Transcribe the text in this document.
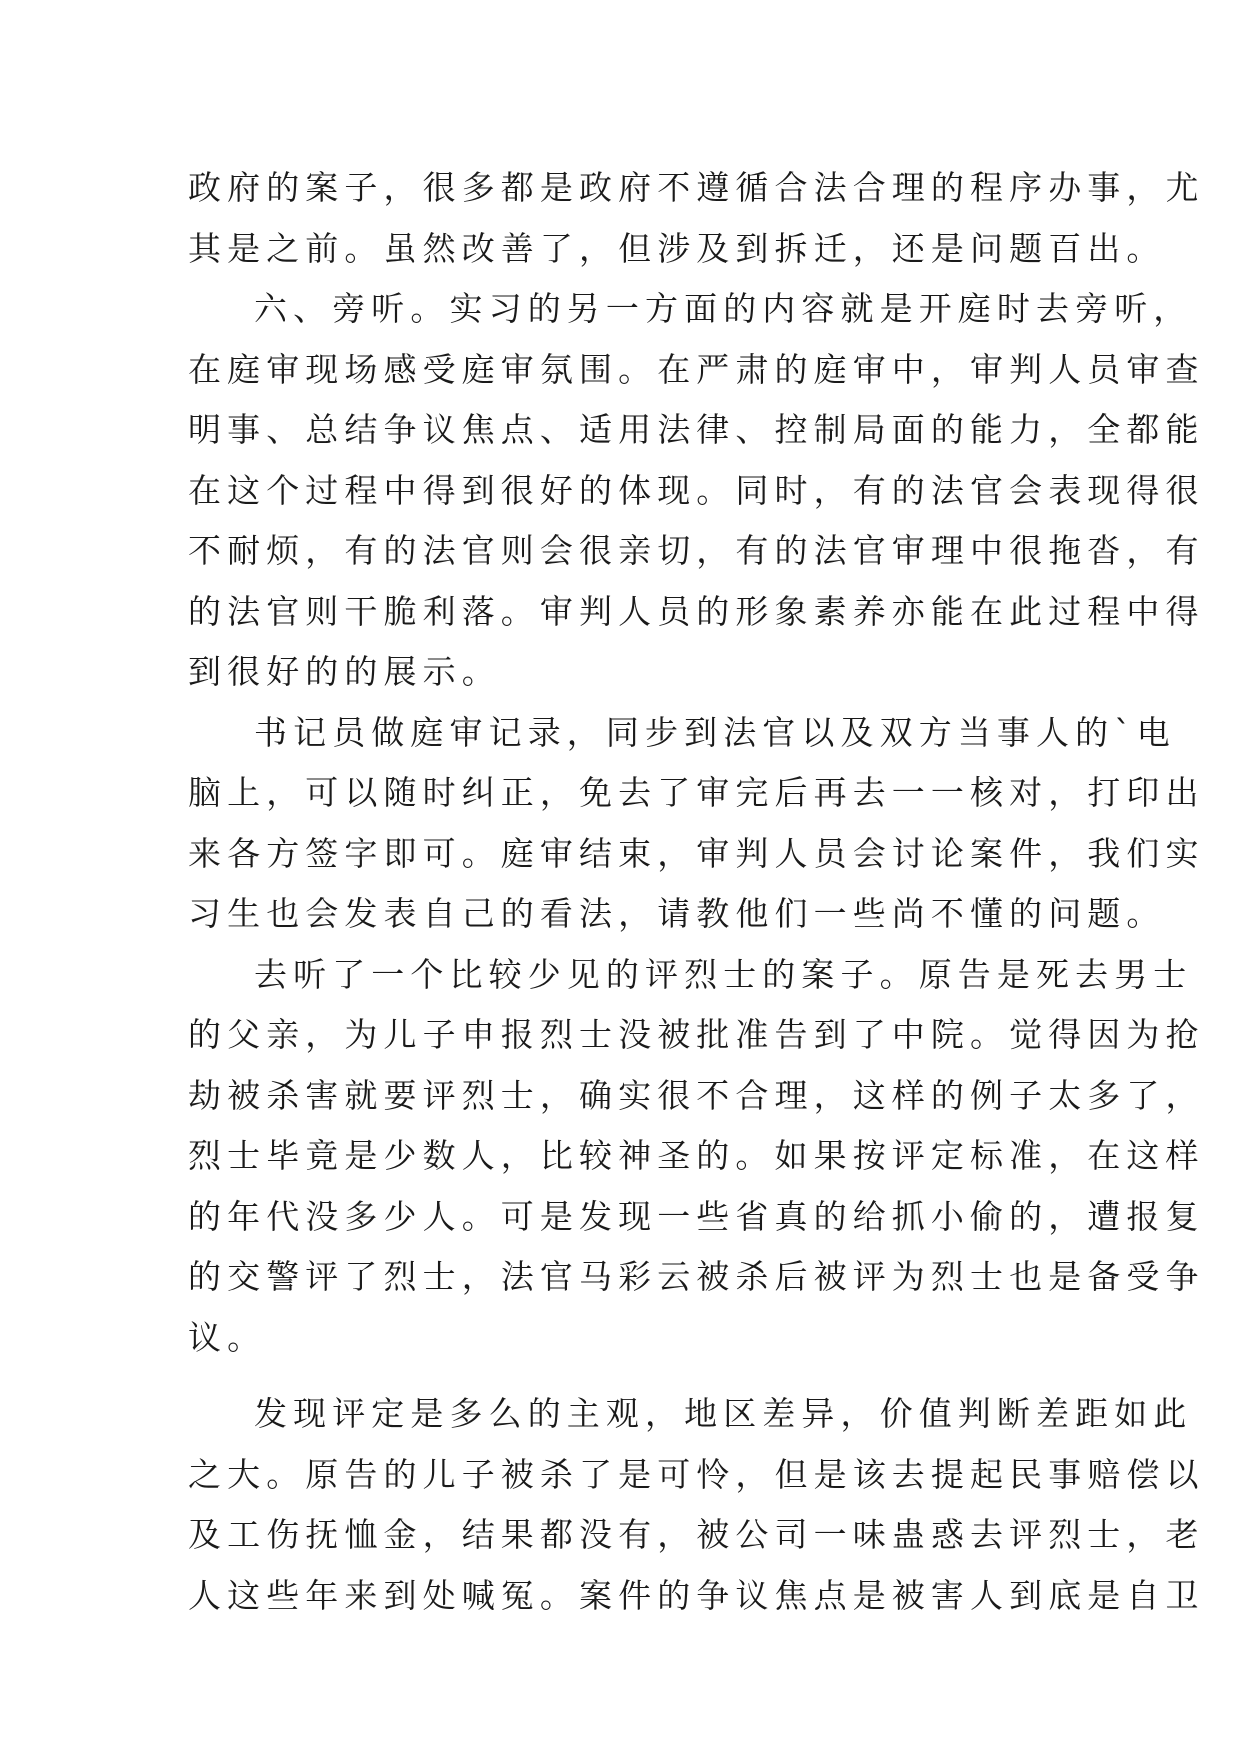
政府的案子，很多都是政府不遵循合法合理的程序办事，尤
其是之前。虽然改善了，但涉及到拆迁，还是问题百出。
六、旁听。实习的另一方面的内容就是开庭时去旁听，
在庭审现场感受庭审氛围。在严肃的庭审中，审判人员审查
明事、总结争议焦点、适用法律、控制局面的能力，全都能
在这个过程中得到很好的体现。同时，有的法官会表现得很
不耐烦，有的法官则会很亲切，有的法官审理中很拖沓，有
的法官则干脆利落。审判人员的形象素养亦能在此过程中得
到很好的的展示。
书记员做庭审记录，同步到法官以及双方当事人的`电
脑上，可以随时纠正，免去了审完后再去一一核对，打印出
来各方签字即可。庭审结束，审判人员会讨论案件，我们实
习生也会发表自己的看法，请教他们一些尚不懂的问题。
去听了一个比较少见的评烈士的案子。原告是死去男士
的父亲，为儿子申报烈士没被批准告到了中院。觉得因为抢
劫被杀害就要评烈士，确实很不合理，这样的例子太多了，
烈士毕竟是少数人，比较神圣的。如果按评定标准，在这样
的年代没多少人。可是发现一些省真的给抓小偷的，遭报复
的交警评了烈士，法官马彩云被杀后被评为烈士也是备受争
议。
发现评定是多么的主观，地区差异，价值判断差距如此
之大。原告的儿子被杀了是可怜，但是该去提起民事赔偿以
及工伤抚恤金，结果都没有，被公司一味蛊惑去评烈士，老
人这些年来到处喊冤。案件的争议焦点是被害人到底是自卫
